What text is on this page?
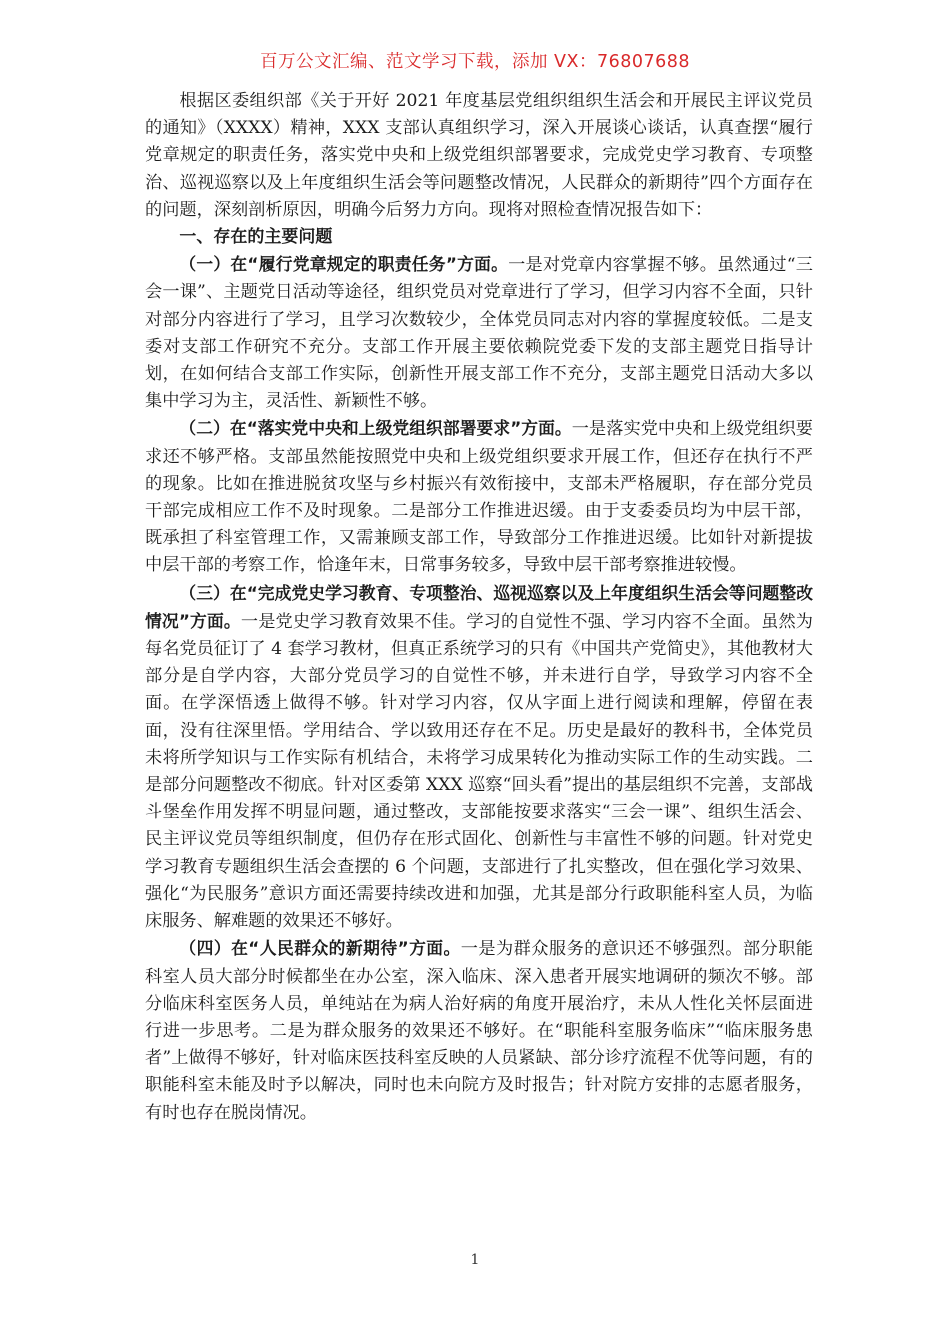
百万公文汇编、范文学习下载，添加 VX：76807688

根据区委组织部《关于开好 2021 年度基层党组织组织生活会和开展民主评议党员的通知》（XXXX）精神，XXX 支部认真组织学习，深入开展谈心谈话，认真查摆“履行党章规定的职责任务，落实党中央和上级党组织部署要求，完成党史学习教育、专项整治、巡视巡察以及上年度组织生活会等问题整改情况，人民群众的新期待”四个方面存在的问题，深刻剖析原因，明确今后努力方向。现将对照检查情况报告如下：

一、存在的主要问题

（一）在“履行党章规定的职责任务”方面。一是对党章内容掌握不够。虽然通过“三会一课”、主题党日活动等途径，组织党员对党章进行了学习，但学习内容不全面，只针对部分内容进行了学习，且学习次数较少，全体党员同志对内容的掌握度较低。二是支委对支部工作研究不充分。支部工作开展主要依赖院党委下发的支部主题党日指导计划，在如何结合支部工作实际，创新性开展支部工作不充分，支部主题党日活动大多以集中学习为主，灵活性、新颖性不够。

（二）在“落实党中央和上级党组织部署要求”方面。一是落实党中央和上级党组织要求还不够严格。支部虽然能按照党中央和上级党组织要求开展工作，但还存在执行不严的现象。比如在推进脱贫攻坚与乡村振兴有效衔接中，支部未严格履职，存在部分党员干部完成相应工作不及时现象。二是部分工作推进迟缓。由于支委委员均为中层干部，既承担了科室管理工作，又需兼顾支部工作，导致部分工作推进迟缓。比如针对新提拔中层干部的考察工作，恰逢年末，日常事务较多，导致中层干部考察推进较慢。

（三）在“完成党史学习教育、专项整治、巡视巡察以及上年度组织生活会等问题整改情况”方面。一是党史学习教育效果不佳。学习的自觉性不强、学习内容不全面。虽然为每名党员征订了 4 套学习教材，但真正系统学习的只有《中国共产党简史》，其他教材大部分是自学内容，大部分党员学习的自觉性不够，并未进行自学，导致学习内容不全面。在学深悟透上做得不够。针对学习内容，仅从字面上进行阅读和理解，停留在表面，没有往深里悟。学用结合、学以致用还存在不足。历史是最好的教科书，全体党员未将所学知识与工作实际有机结合，未将学习成果转化为推动实际工作的生动实践。二是部分问题整改不彻底。针对区委第 XXX 巡察“回头看”提出的基层组织不完善，支部战斗堡垒作用发挥不明显问题，通过整改，支部能按要求落实“三会一课”、组织生活会、民主评议党员等组织制度，但仍存在形式固化、创新性与丰富性不够的问题。针对党史学习教育专题组织生活会查摆的 6 个问题，支部进行了扎实整改，但在强化学习效果、强化“为民服务”意识方面还需要持续改进和加强，尤其是部分行政职能科室人员，为临床服务、解难题的效果还不够好。

（四）在“人民群众的新期待”方面。一是为群众服务的意识还不够强烈。部分职能科室人员大部分时候都坐在办公室，深入临床、深入患者开展实地调研的频次不够。部分临床科室医务人员，单纯站在为病人治好病的角度开展治疗，未从人性化关怀层面进行进一步思考。二是为群众服务的效果还不够好。在“职能科室服务临床”“临床服务患者”上做得不够好，针对临床医技科室反映的人员紧缺、部分诊疗流程不优等问题，有的职能科室未能及时予以解决，同时也未向院方及时报告；针对院方安排的志愿者服务，有时也存在脱岗情况。

1
